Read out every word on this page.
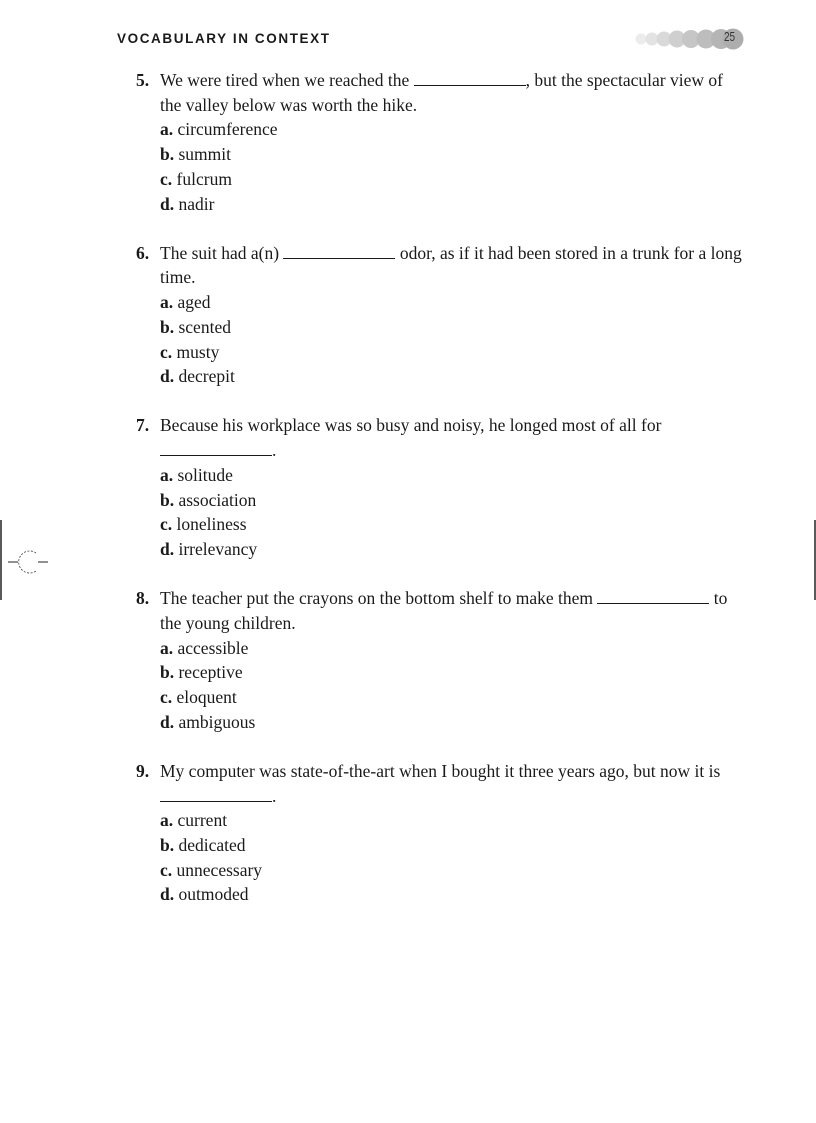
VOCABULARY IN CONTEXT	25
5. We were tired when we reached the	, but the spectacular view of the valley below was worth the hike.

a. circumference
b. summit
c. fulcrum
d. nadir
6. The suit had a(n)	odor, as if it had been stored in a trunk for a long time.

a. aged
b. scented
c. musty
d. decrepit
7. Because his workplace was so busy and noisy, he longed most of all for .

a. solitude
b. association
c. loneliness
d. irrelevancy
8. The teacher put the crayons on the bottom shelf to make them	to the young children.

a. accessible
b. receptive
c. eloquent
d. ambiguous
9. My computer was state-of-the-art when I bought it three years ago, but now it is .

a. current
b. dedicated
c. unnecessary
d. outmoded
